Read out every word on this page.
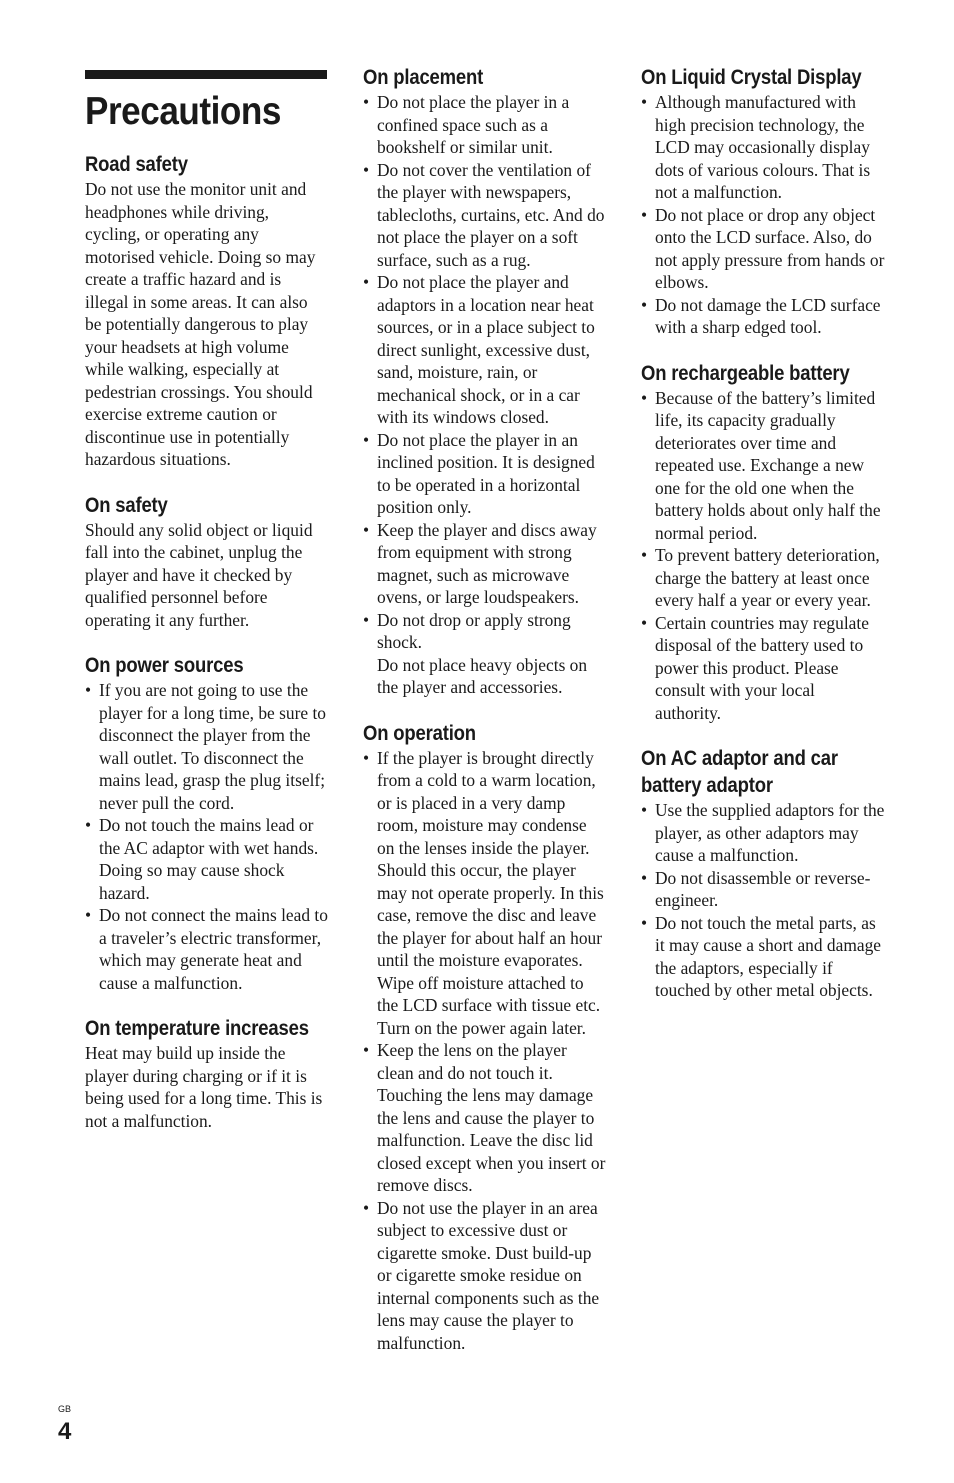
Precautions
Road safety

Do not use the monitor unit and headphones while driving, cycling, or operating any motorised vehicle. Doing so may create a traffic hazard and is illegal in some areas. It can also be potentially dangerous to play your headsets at high volume while walking, especially at pedestrian crossings. You should exercise extreme caution or discontinue use in potentially hazardous situations.

On safety

Should any solid object or liquid fall into the cabinet, unplug the player and have it checked by qualified personnel before operating it any further.

On power sources
• If you are not going to use the player for a long time, be sure to disconnect the player from the wall outlet. To disconnect the mains lead, grasp the plug itself; never pull the cord.
• Do not touch the mains lead or the AC adaptor with wet hands. Doing so may cause shock hazard.
• Do not connect the mains lead to a traveler’s electric transformer, which may generate heat and cause a malfunction.
On temperature increases

Heat may build up inside the player during charging or if it is being used for a long time. This is not a malfunction.

On placement
• Do not place the player in a confined space such as a bookshelf or similar unit.
• Do not cover the ventilation of the player with newspapers, tablecloths, curtains, etc. And do not place the player on a soft surface, such as a rug.
• Do not place the player and adaptors in a location near heat sources, or in a place subject to direct sunlight, excessive dust, sand, moisture, rain, or mechanical shock, or in a car with its windows closed.
• Do not place the player in an inclined position. It is designed to be operated in a horizontal position only.
• Keep the player and discs away from equipment with strong magnet, such as microwave ovens, or large loudspeakers.
• Do not drop or apply strong shock.
Do not place heavy objects on the player and accessories.
On operation
• If the player is brought directly from a cold to a warm location, or is placed in a very damp room, moisture may condense on the lenses inside the player. Should this occur, the player may not operate properly. In this case, remove the disc and leave the player for about half an hour until the moisture evaporates. Wipe off moisture attached to the LCD surface with tissue etc. Turn on the power again later.
• Keep the lens on the player clean and do not touch it. Touching the lens may damage the lens and cause the player to malfunction. Leave the disc lid closed except when you insert or remove discs.
• Do not use the player in an area subject to excessive dust or cigarette smoke. Dust build-up or cigarette smoke residue on internal components such as the lens may cause the player to malfunction.
On Liquid Crystal Display
• Although manufactured with high precision technology, the LCD may occasionally display dots of various colours. That is not a malfunction.
• Do not place or drop any object onto the LCD surface. Also, do not apply pressure from hands or elbows.
• Do not damage the LCD surface with a sharp edged tool.
On rechargeable battery
• Because of the battery’s limited life, its capacity gradually deteriorates over time and repeated use. Exchange a new one for the old one when the battery holds about only half the normal period.
• To prevent battery deterioration, charge the battery at least once every half a year or every year.
• Certain countries may regulate disposal of the battery used to power this product. Please consult with your local authority.
On AC adaptor and car battery adaptor
• Use the supplied adaptors for the player, as other adaptors may cause a malfunction.
• Do not disassemble or reverse-engineer.
• Do not touch the metal parts, as it may cause a short and damage the adaptors, especially if touched by other metal objects.
GB
4
